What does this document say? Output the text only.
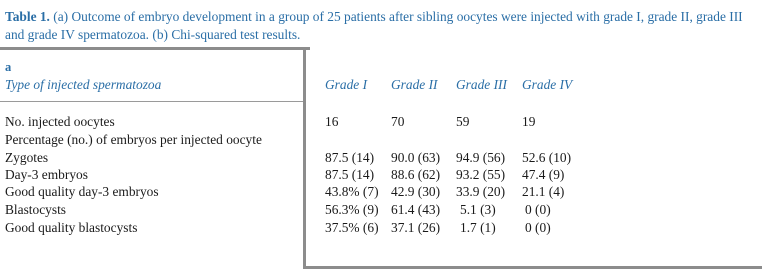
Table 1. (a) Outcome of embryo development in a group of 25 patients after sibling oocytes were injected with grade I, grade II, grade III and grade IV spermatozoa. (b) Chi-squared test results.
a
Type of injected spermatozoa	Grade I Grade II Grade III Grade IV
No. injected oocytes	16	70	59	19
Percentage (no.) of embryos per injected oocyte
Zygotes	87.5 (14) 90.0 (63) 94.9 (56) 52.6 (10)
Day-3 embryos	87.5 (14) 88.6 (62) 93.2 (55) 47.4 (9)
Good quality day-3 embryos	43.8% (7) 42.9 (30) 33.9 (20) 21.1 (4)
Blastocysts	56.3% (9) 61.4 (43) 5.1 (3) 0 (0)
Good quality blastocysts	37.5% (6) 37.1 (26) 1.7 (1) 0 (0)
